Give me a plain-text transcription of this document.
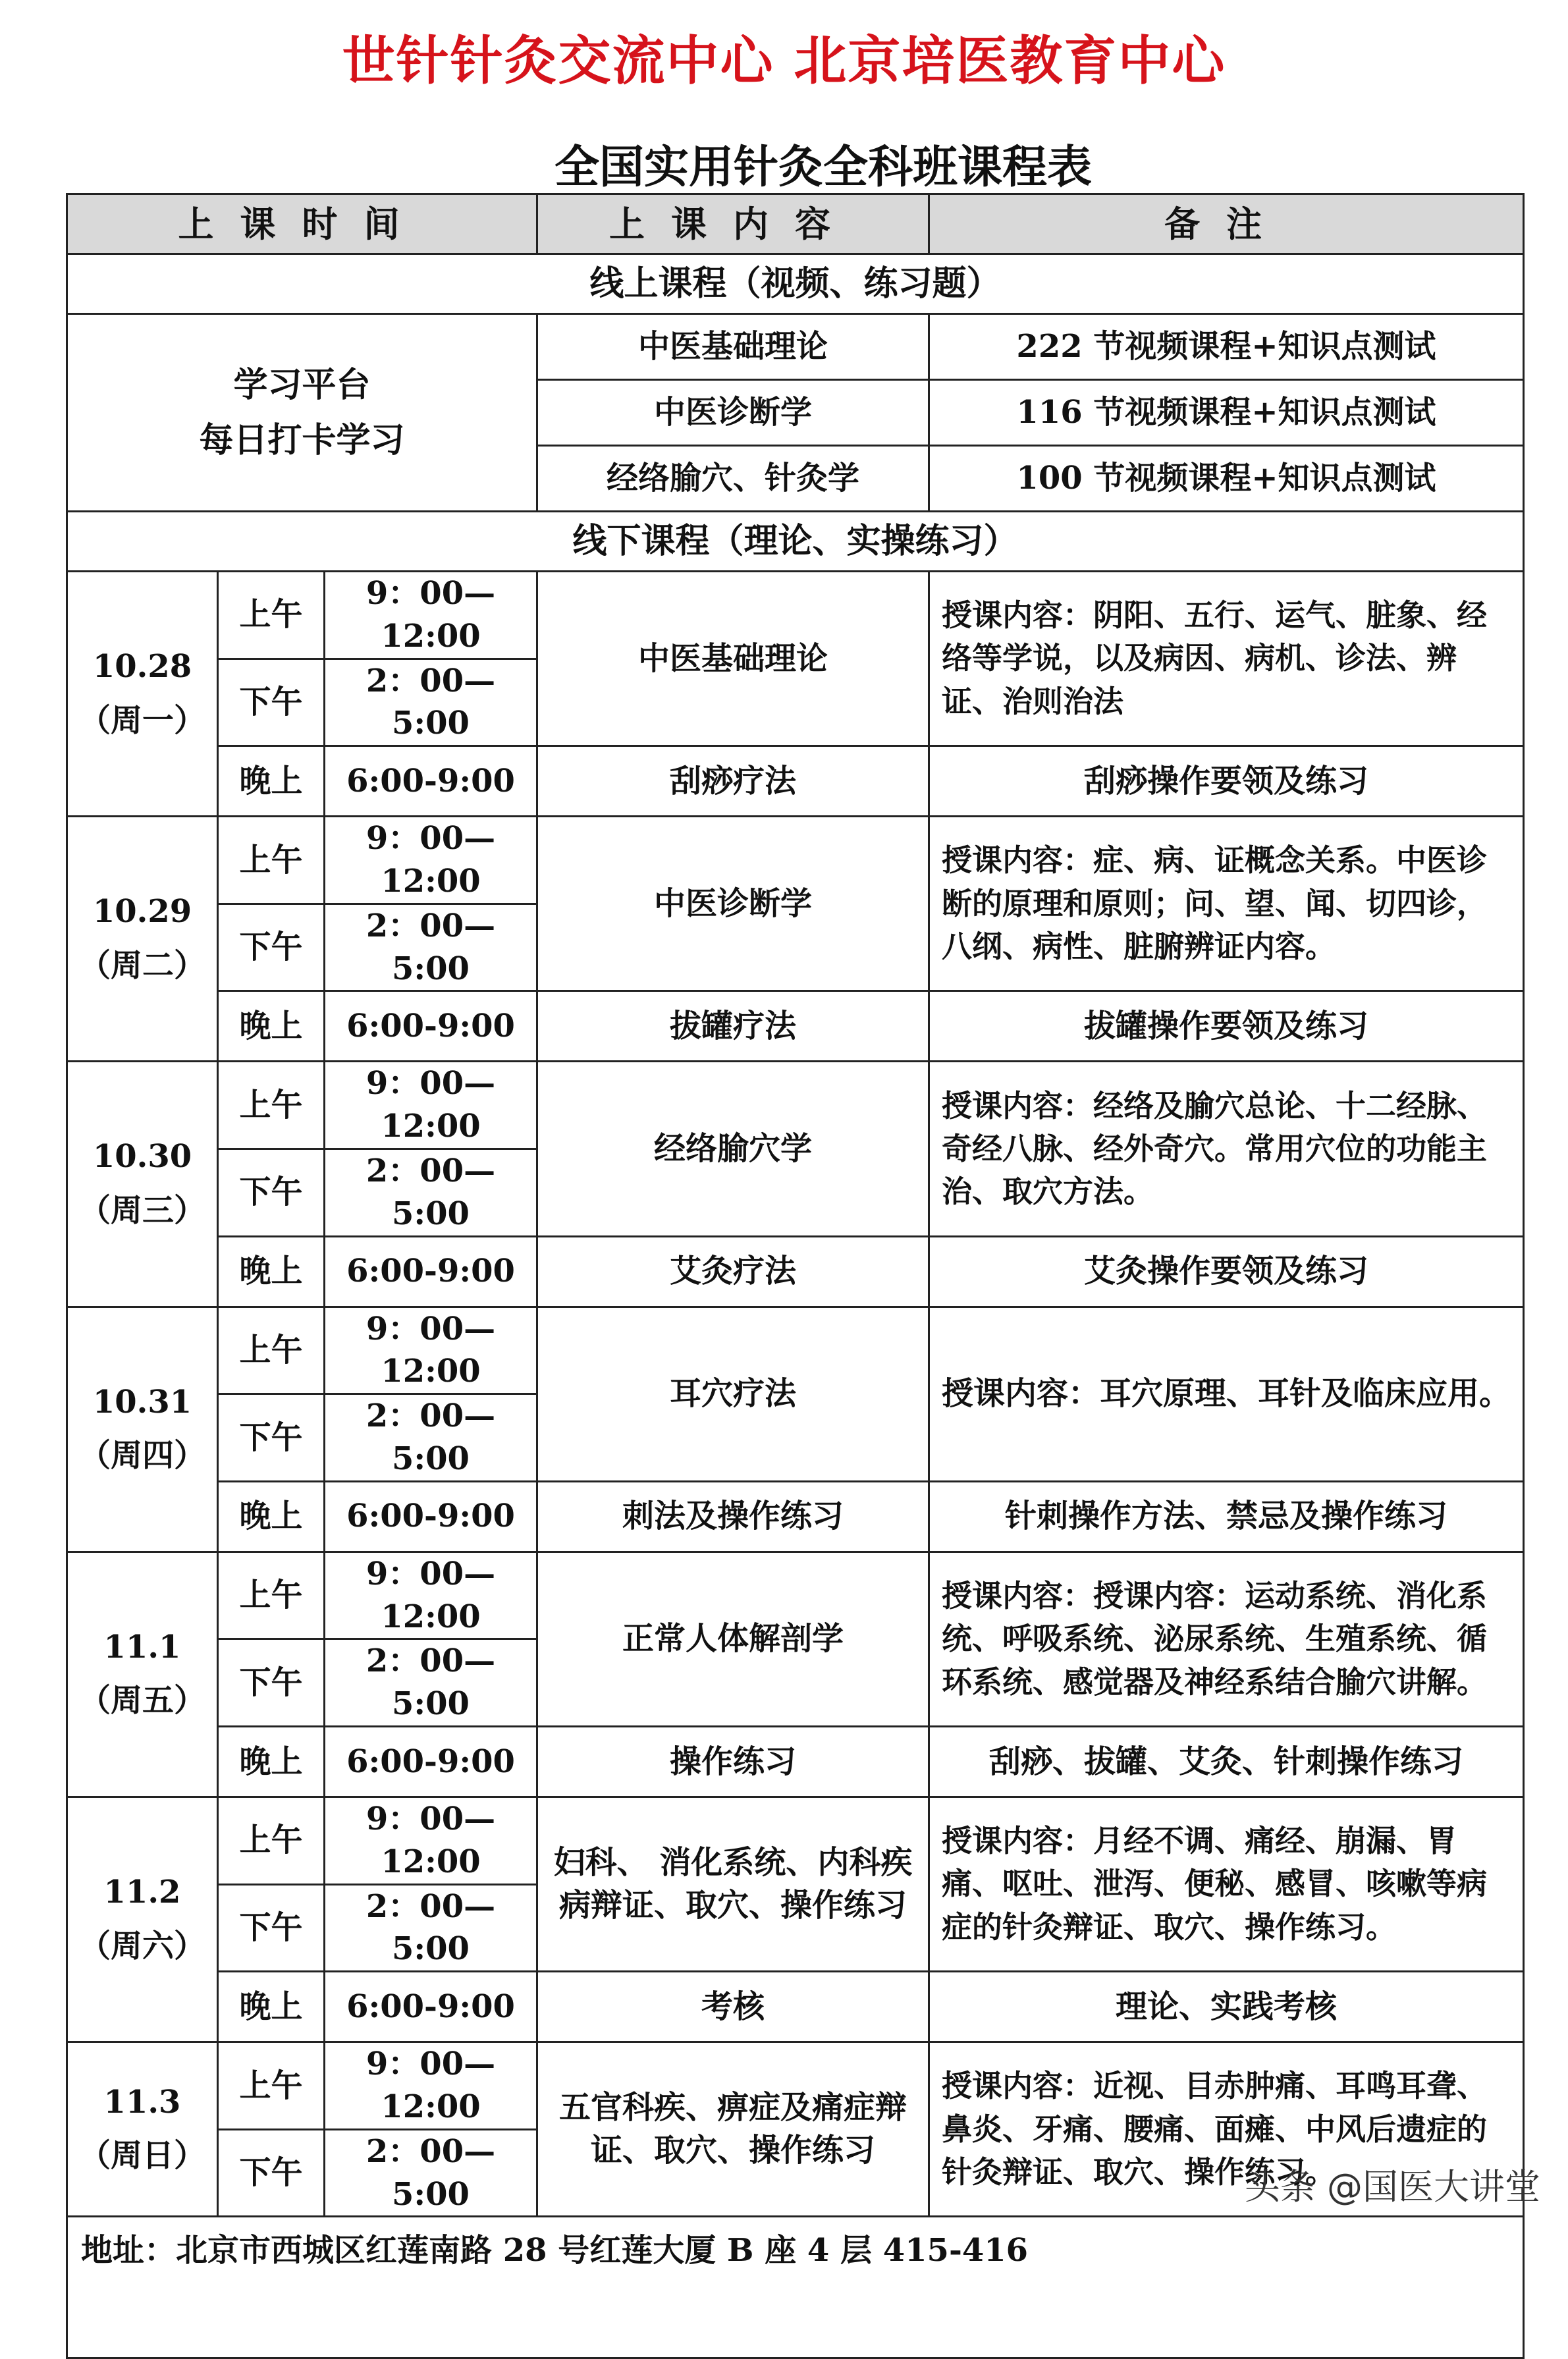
世针针灸交流中心 北京培医教育中心
全国实用针灸全科班课程表
上课时间			上课内容	备注
线上课程（视频、练习题）				

学习平台
每日打卡学习			中医基础理论	222 节视频课程+知识点测试
			中医诊断学	116 节视频课程+知识点测试
			经络腧穴、针灸学	100 节视频课程+知识点测试
线下课程（理论、实操练习）				

10.28
（周一）	上午	9：00—12:00	中医基础理论	授课内容：阴阳、五行、运气、脏象、经络等学说，以及病因、病机、诊法、辨证、治则治法
	下午	2：00—5:00		
	晚上	6:00-9:00	刮痧疗法	刮痧操作要领及练习

10.29
（周二）	上午	9：00—12:00	中医诊断学	授课内容：症、病、证概念关系。中医诊断的原理和原则；问、望、闻、切四诊，八纲、病性、脏腑辨证内容。
	下午	2：00—5:00		
	晚上	6:00-9:00	拔罐疗法	拔罐操作要领及练习

10.30
（周三）	上午	9：00—12:00	经络腧穴学	授课内容：经络及腧穴总论、十二经脉、奇经八脉、经外奇穴。常用穴位的功能主治、取穴方法。
	下午	2：00—5:00		
	晚上	6:00-9:00	艾灸疗法	艾灸操作要领及练习

10.31
（周四）	上午	9：00—12:00	耳穴疗法	授课内容：耳穴原理、耳针及临床应用。
	下午	2：00—5:00		
	晚上	6:00-9:00	刺法及操作练习	针刺操作方法、禁忌及操作练习

11.1
（周五）	上午	9：00—12:00	正常人体解剖学	授课内容：授课内容：运动系统、消化系统、呼吸系统、泌尿系统、生殖系统、循环系统、感觉器及神经系结合腧穴讲解。
	下午	2：00—5:00		
	晚上	6:00-9:00	操作练习	刮痧、拔罐、艾灸、针刺操作练习

11.2
（周六）	上午	9：00—12:00	妇科、 消化系统、内科疾病辩证、取穴、操作练习	授课内容：月经不调、痛经、崩漏、胃痛、呕吐、泄泻、便秘、感冒、咳嗽等病症的针灸辩证、取穴、操作练习。
	下午	2：00—5:00		
	晚上	6:00-9:00	考核	理论、实践考核

11.3
（周日）	上午	9：00—12:00	五官科疾、痹症及痛症辩证、取穴、操作练习	授课内容：近视、目赤肿痛、耳鸣耳聋、鼻炎、牙痛、腰痛、面瘫、中风后遗症的针灸辩证、取穴、操作练习。
	下午	2：00—5:00		
地址：北京市西城区红莲南路 28 号红莲大厦 B 座 4 层 415-416				
头条 @国医大讲堂
